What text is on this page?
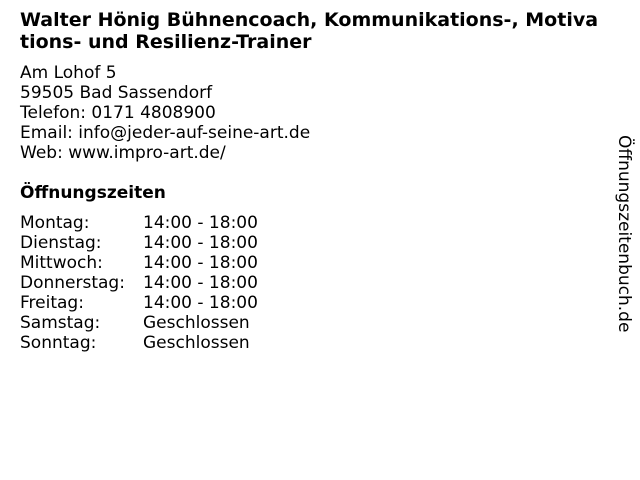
Walter Hönig Bühnencoach, Kommunikations-, Motivations- und Resilienz-Trainer
Am Lohof 5
59505 Bad Sassendorf
Telefon: 0171 4808900
Email: info@jeder-auf-seine-art.de
Web: www.impro-art.de/
Öffnungszeiten
Montag:	14:00 - 18:00
Dienstag:	14:00 - 18:00
Mittwoch:	14:00 - 18:00
Donnerstag:	14:00 - 18:00
Freitag:	14:00 - 18:00
Samstag:	Geschlossen
Sonntag:	Geschlossen
Öffnungszeitenbuch.de
